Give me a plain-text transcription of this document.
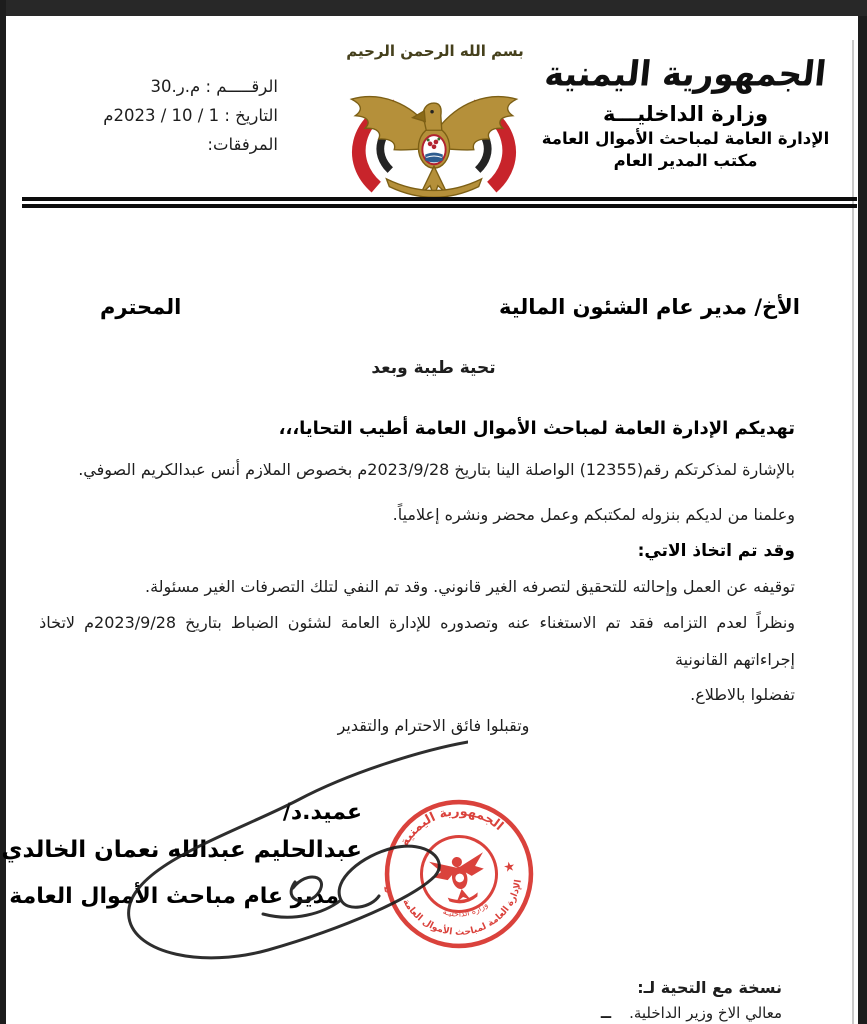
الرقـــــم : م.ر.30
التاريخ : 1 / 10 / 2023م
المرفقات:
بسم الله الرحمن الرحيم
الجمهورية اليمنية
وزارة الداخليـــة
الإدارة العامة لمباحث الأموال العامة
مكتب المدير العام
الأخ/ مدير عام الشئون المالية
المحترم
تحية طيبة وبعد
تهديكم الإدارة العامة لمباحث الأموال العامة أطيب التحايا،،،
بالإشارة لمذكرتكم رقم(12355) الواصلة الينا بتاريخ 2023/9/28م بخصوص الملازم أنس عبدالكريم الصوفي.
وعلمنا من لديكم بنزوله لمكتبكم وعمل محضر ونشره إعلامياً.
وقد تم اتخاذ الاتي:
توقيفه عن العمل وإحالته للتحقيق لتصرفه الغير قانوني. وقد تم النفي لتلك التصرفات الغير مسئولة.
ونظراً لعدم التزامه فقد تم الاستغناء عنه وتصدوره للإدارة العامة لشئون الضباط بتاريخ 2023/9/28م لاتخاذ
إجراءاتهم القانونية
تفضلوا بالاطلاع.
وتقبلوا فائق الاحترام والتقدير
عميد.د/
عبدالحليم عبدالله نعمان الخالدي
مدير عام مباحث الأموال العامة
الجمهورية اليمنية
الإدارة العامة لمباحث الأموال العامة
وزارة الداخليـة
★
★
نسخة مع التحية لـ:
ــ معالي الاخ وزير الداخلية.
